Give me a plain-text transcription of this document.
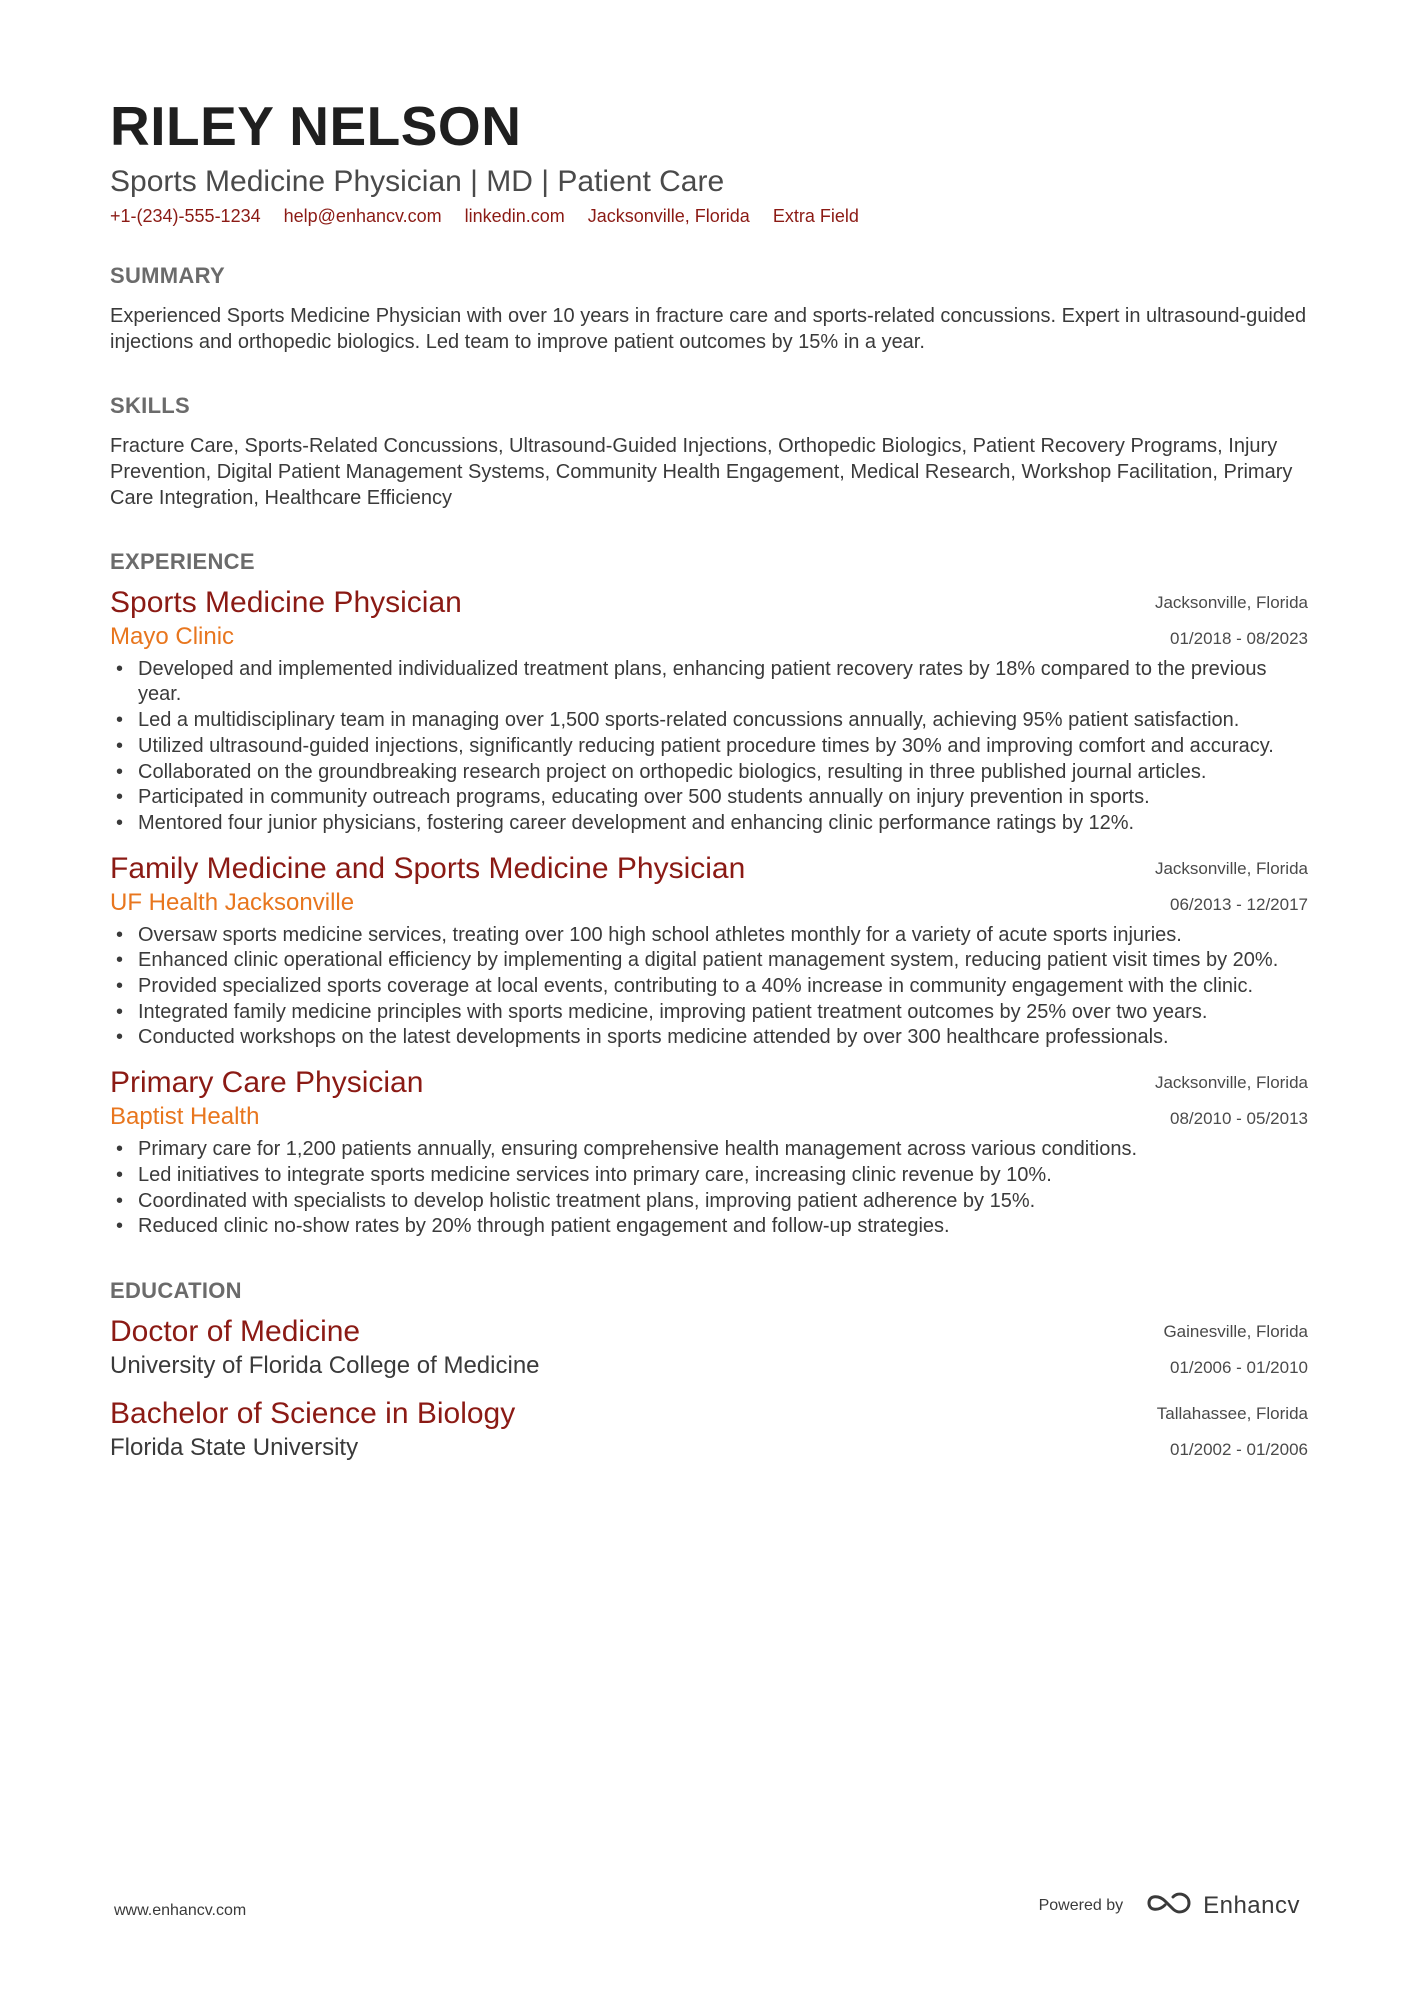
RILEY NELSON
Sports Medicine Physician | MD | Patient Care
+1-(234)-555-1234 help@enhancv.com linkedin.com Jacksonville, Florida Extra Field
SUMMARY
Experienced Sports Medicine Physician with over 10 years in fracture care and sports-related concussions. Expert in ultrasound-guided injections and orthopedic biologics. Led team to improve patient outcomes by 15% in a year.
SKILLS
Fracture Care, Sports-Related Concussions, Ultrasound-Guided Injections, Orthopedic Biologics, Patient Recovery Programs, Injury Prevention, Digital Patient Management Systems, Community Health Engagement, Medical Research, Workshop Facilitation, Primary Care Integration, Healthcare Efficiency
EXPERIENCE
Sports Medicine Physician
Mayo Clinic
Jacksonville, Florida
01/2018 - 08/2023
• Developed and implemented individualized treatment plans, enhancing patient recovery rates by 18% compared to the previous year.
• Led a multidisciplinary team in managing over 1,500 sports-related concussions annually, achieving 95% patient satisfaction.
• Utilized ultrasound-guided injections, significantly reducing patient procedure times by 30% and improving comfort and accuracy.
• Collaborated on the groundbreaking research project on orthopedic biologics, resulting in three published journal articles.
• Participated in community outreach programs, educating over 500 students annually on injury prevention in sports.
• Mentored four junior physicians, fostering career development and enhancing clinic performance ratings by 12%.
Family Medicine and Sports Medicine Physician
UF Health Jacksonville
Jacksonville, Florida
06/2013 - 12/2017
• Oversaw sports medicine services, treating over 100 high school athletes monthly for a variety of acute sports injuries.
• Enhanced clinic operational efficiency by implementing a digital patient management system, reducing patient visit times by 20%.
• Provided specialized sports coverage at local events, contributing to a 40% increase in community engagement with the clinic.
• Integrated family medicine principles with sports medicine, improving patient treatment outcomes by 25% over two years.
• Conducted workshops on the latest developments in sports medicine attended by over 300 healthcare professionals.
Primary Care Physician
Baptist Health
Jacksonville, Florida
08/2010 - 05/2013
• Primary care for 1,200 patients annually, ensuring comprehensive health management across various conditions.
• Led initiatives to integrate sports medicine services into primary care, increasing clinic revenue by 10%.
• Coordinated with specialists to develop holistic treatment plans, improving patient adherence by 15%.
• Reduced clinic no-show rates by 20% through patient engagement and follow-up strategies.
EDUCATION
Doctor of Medicine
University of Florida College of Medicine
Gainesville, Florida
01/2006 - 01/2010
Bachelor of Science in Biology
Florida State University
Tallahassee, Florida
01/2002 - 01/2006
www.enhancv.com	Powered by	Enhancv
